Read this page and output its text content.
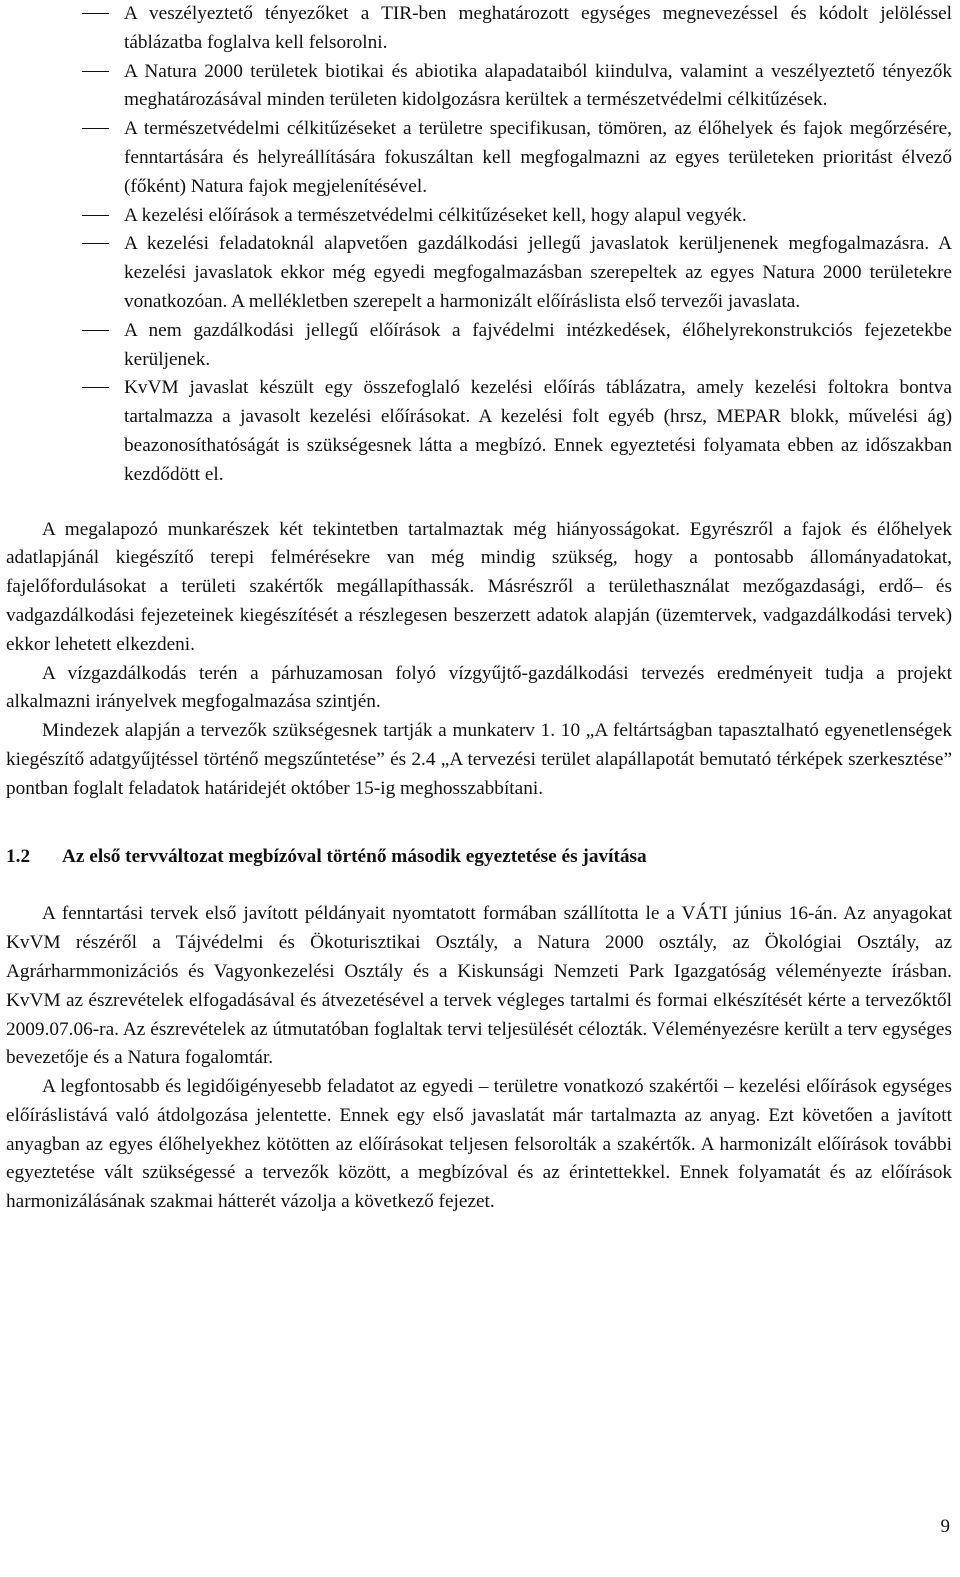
A veszélyeztető tényezőket a TIR-ben meghatározott egységes megnevezéssel és kódolt jelöléssel táblázatba foglalva kell felsorolni.
A Natura 2000 területek biotikai és abiotika alapadataiból kiindulva, valamint a veszélyeztető tényezők meghatározásával minden területen kidolgozásra kerültek a természetvédelmi célkitűzések.
A természetvédelmi célkitűzéseket a területre specifikusan, tömören, az élőhelyek és fajok megőrzésére, fenntartására és helyreállítására fokuszáltan kell megfogalmazni az egyes területeken prioritást élvező (főként) Natura fajok megjelenítésével.
A kezelési előírások a természetvédelmi célkitűzéseket kell, hogy alapul vegyék.
A kezelési feladatoknál alapvetően gazdálkodási jellegű javaslatok kerüljenenek megfogalmazásra. A kezelési javaslatok ekkor még egyedi megfogalmazásban szerepeltek az egyes Natura 2000 területekre vonatkozóan. A mellékletben szerepelt a harmonizált előíráslista első tervezői javaslata.
A nem gazdálkodási jellegű előírások a fajvédelmi intézkedések, élőhelyrekonstrukciós fejezetekbe kerüljenek.
KvVM javaslat készült egy összefoglaló kezelési előírás táblázatra, amely kezelési foltokra bontva tartalmazza a javasolt kezelési előírásokat. A kezelési folt egyéb (hrsz, MEPAR blokk, művelési ág) beazonosíthatóságát is szükségesnek látta a megbízó. Ennek egyeztetési folyamata ebben az időszakban kezdődött el.

A megalapozó munkarészek két tekintetben tartalmaztak még hiányosságokat. Egyrészről a fajok és élőhelyek adatlapjánál kiegészítő terepi felmérésekre van még mindig szükség, hogy a pontosabb állományadatokat, fajelőfordulásokat a területi szakértők megállapíthassák. Másrészről a területhasználat mezőgazdasági, erdő– és vadgazdálkodási fejezeteinek kiegészítését a részlegesen beszerzett adatok alapján (üzemtervek, vadgazdálkodási tervek) ekkor lehetett elkezdeni.

A vízgazdálkodás terén a párhuzamosan folyó vízgyűjtő-gazdálkodási tervezés eredményeit tudja a projekt alkalmazni irányelvek megfogalmazása szintjén.

Mindezek alapján a tervezők szükségesnek tartják a munkaterv 1. 10 „A feltártságban tapasztalható egyenetlenségek kiegészítő adatgyűjtéssel történő megszűntetése” és 2.4 „A tervezési terület alapállapotát bemutató térképek szerkesztése” pontban foglalt feladatok határidejét október 15-ig meghosszabbítani.

1.2 Az első tervváltozat megbízóval történő második egyeztetése és javítása

A fenntartási tervek első javított példányait nyomtatott formában szállította le a VÁTI június 16-án. Az anyagokat KvVM részéről a Tájvédelmi és Ökoturisztikai Osztály, a Natura 2000 osztály, az Ökológiai Osztály, az Agrárharmmonizációs és Vagyonkezelési Osztály és a Kiskunsági Nemzeti Park Igazgatóság véleményezte írásban. KvVM az észrevételek elfogadásával és átvezetésével a tervek végleges tartalmi és formai elkészítését kérte a tervezőktől 2009.07.06-ra. Az észrevételek az útmutatóban foglaltak tervi teljesülését célozták. Véleményezésre került a terv egységes bevezetője és a Natura fogalomtár.

A legfontosabb és legidőigényesebb feladatot az egyedi – területre vonatkozó szakértői – kezelési előírások egységes előíráslistává való átdolgozása jelentette. Ennek egy első javaslatát már tartalmazta az anyag. Ezt követően a javított anyagban az egyes élőhelyekhez kötötten az előírásokat teljesen felsorolták a szakértők. A harmonizált előírások további egyeztetése vált szükségessé a tervezők között, a megbízóval és az érintettekkel. Ennek folyamatát és az előírások harmonizálásának szakmai hátterét vázolja a következő fejezet.

9
